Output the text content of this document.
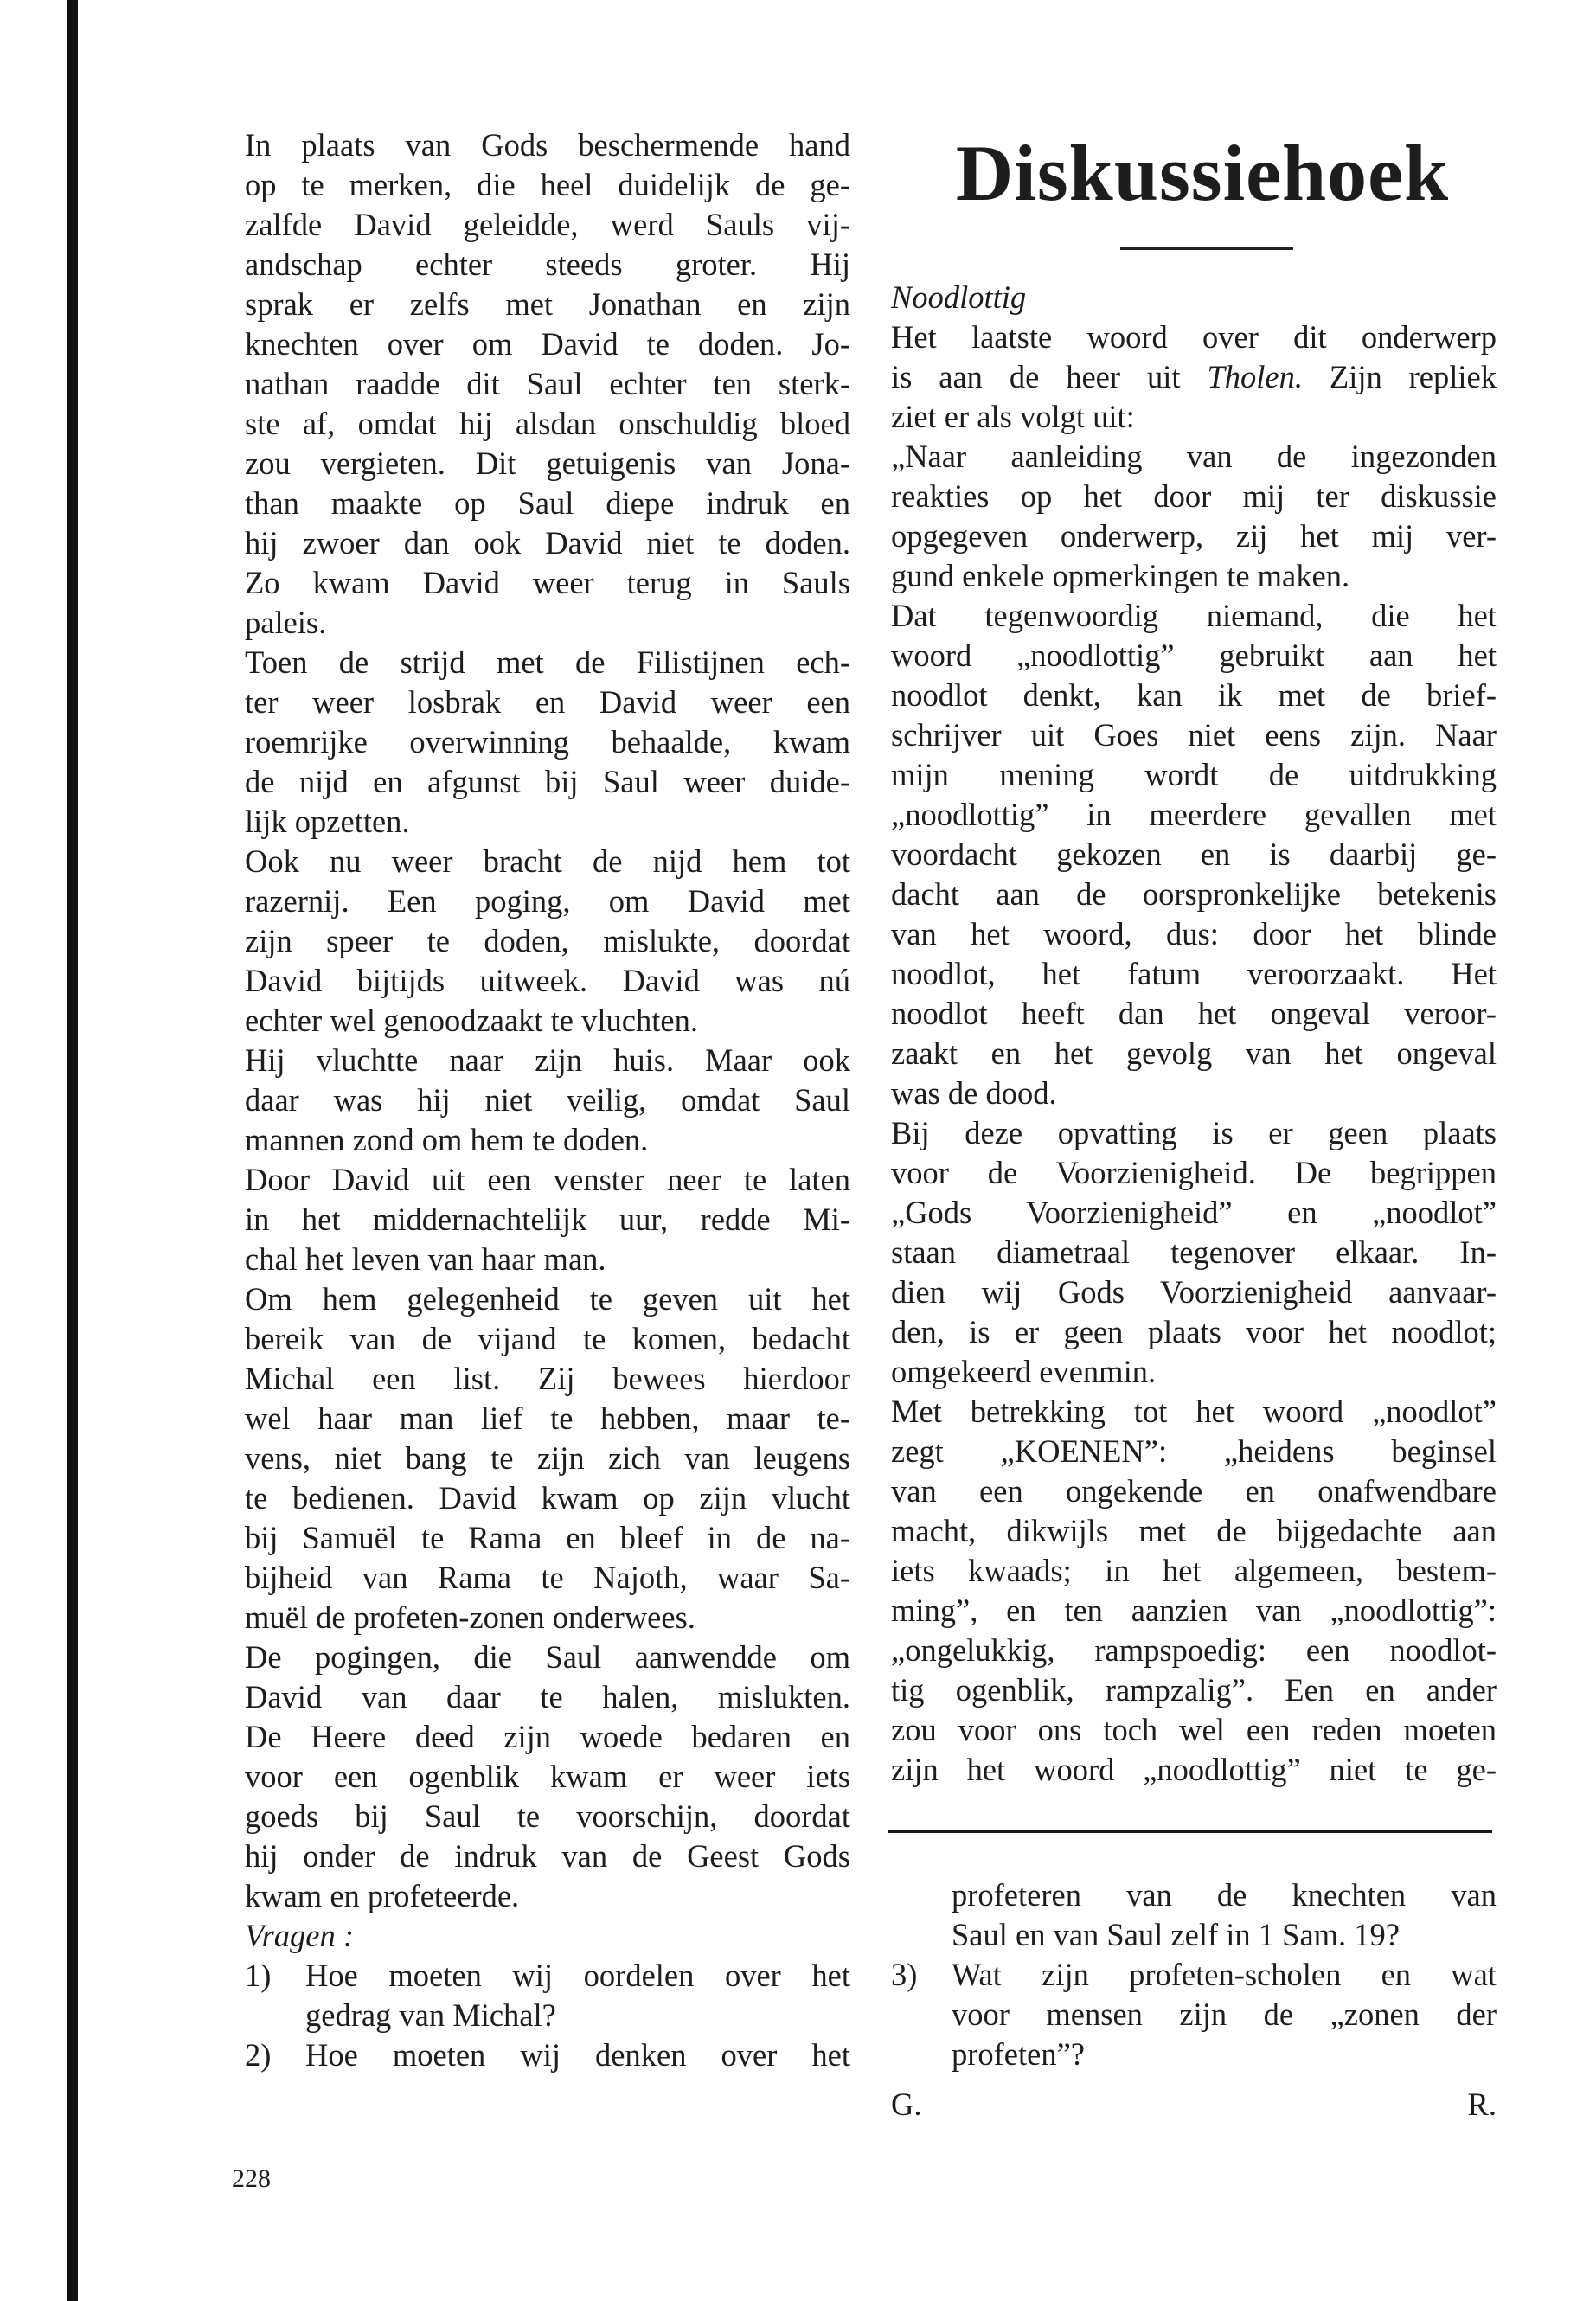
In plaats van Gods beschermende hand

op te merken, die heel duidelijk de ge-

zalfde David geleidde, werd Sauls vij-

andschap echter steeds groter. Hij

sprak er zelfs met Jonathan en zijn

knechten over om David te doden. Jo-

nathan raadde dit Saul echter ten sterk-

ste af, omdat hij alsdan onschuldig bloed

zou vergieten. Dit getuigenis van Jona-

than maakte op Saul diepe indruk en

hij zwoer dan ook David niet te doden.

Zo kwam David weer terug in Sauls

paleis.

Toen de strijd met de Filistijnen ech-

ter weer losbrak en David weer een

roemrijke overwinning behaalde, kwam

de nijd en afgunst bij Saul weer duide-

lijk opzetten.

Ook nu weer bracht de nijd hem tot

razernij. Een poging, om David met

zijn speer te doden, mislukte, doordat

David bijtijds uitweek. David was nú

echter wel genoodzaakt te vluchten.

Hij vluchtte naar zijn huis. Maar ook

daar was hij niet veilig, omdat Saul

mannen zond om hem te doden.

Door David uit een venster neer te laten

in het middernachtelijk uur, redde Mi-

chal het leven van haar man.

Om hem gelegenheid te geven uit het

bereik van de vijand te komen, bedacht

Michal een list. Zij bewees hierdoor

wel haar man lief te hebben, maar te-

vens, niet bang te zijn zich van leugens

te bedienen. David kwam op zijn vlucht

bij Samuël te Rama en bleef in de na-

bijheid van Rama te Najoth, waar Sa-

muël de profeten-zonen onderwees.

De pogingen, die Saul aanwendde om

David van daar te halen, mislukten.

De Heere deed zijn woede bedaren en

voor een ogenblik kwam er weer iets

goeds bij Saul te voorschijn, doordat

hij onder de indruk van de Geest Gods

kwam en profeteerde.

Vragen :

1)	Hoe moeten wij oordelen over het
gedrag van Michal?
2)	Hoe moeten wij denken over het
Diskussiehoek

Noodlottig

Het laatste woord over dit onderwerp

is aan de heer uit Tholen. Zijn repliek

ziet er als volgt uit:

„Naar aanleiding van de ingezonden

reakties op het door mij ter diskussie

opgegeven onderwerp, zij het mij ver-

gund enkele opmerkingen te maken.

Dat tegenwoordig niemand, die het

woord „noodlottig” gebruikt aan het

noodlot denkt, kan ik met de brief-

schrijver uit Goes niet eens zijn. Naar

mijn mening wordt de uitdrukking

„noodlottig” in meerdere gevallen met

voordacht gekozen en is daarbij ge-

dacht aan de oorspronkelijke betekenis

van het woord, dus: door het blinde

noodlot, het fatum veroorzaakt. Het

noodlot heeft dan het ongeval veroor-

zaakt en het gevolg van het ongeval

was de dood.

Bij deze opvatting is er geen plaats

voor de Voorzienigheid. De begrippen

„Gods Voorzienigheid” en „noodlot”

staan diametraal tegenover elkaar. In-

dien wij Gods Voorzienigheid aanvaar-

den, is er geen plaats voor het noodlot;

omgekeerd evenmin.

Met betrekking tot het woord „noodlot”

zegt „KOENEN”: „heidens beginsel

van een ongekende en onafwendbare

macht, dikwijls met de bijgedachte aan

iets kwaads; in het algemeen, bestem-

ming”, en ten aanzien van „noodlottig”:

„ongelukkig, rampspoedig: een noodlot-

tig ogenblik, rampzalig”. Een en ander

zou voor ons toch wel een reden moeten

zijn het woord „noodlottig” niet te ge-

profeteren van de knechten van
Saul en van Saul zelf in 1 Sam. 19?
3)	Wat zijn profeten-scholen en wat
voor mensen zijn de „zonen der
profeten”?
G.	R.
228
